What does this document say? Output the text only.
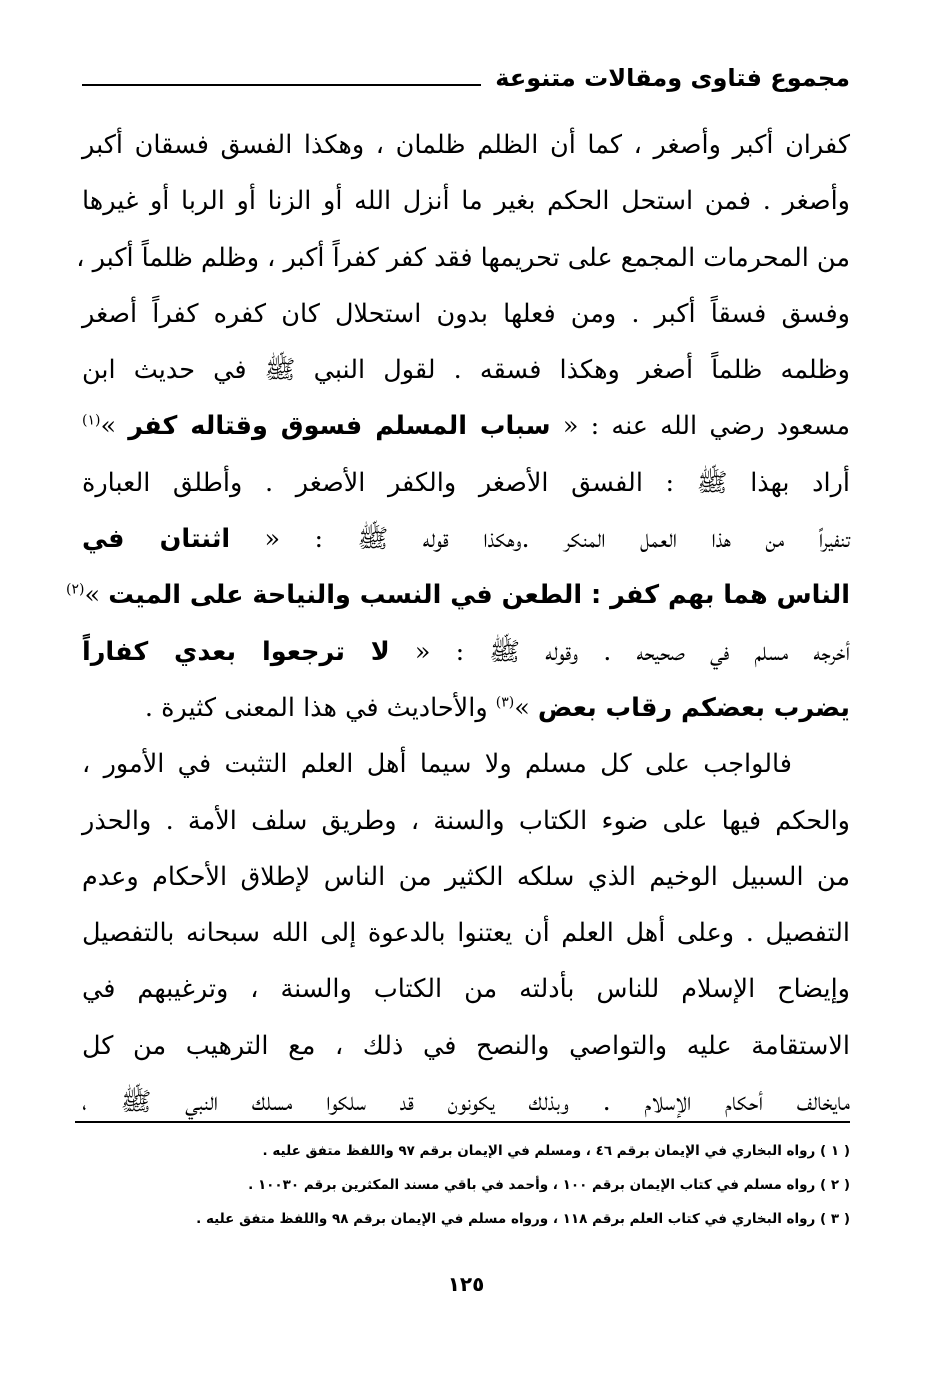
مجموع فتاوى ومقالات متنوعة
كفران أكبر وأصغر ، كما أن الظلم ظلمان ، وهكذا الفسق فسقان أكبر
وأصغر . فمن استحل الحكم بغير ما أنزل الله أو الزنا أو الربا أو غيرها
من المحرمات المجمع على تحريمها فقد كفر كفراً أكبر ، وظلم ظلماً أكبر ،
وفسق فسقاً أكبر . ومن فعلها بدون استحلال كان كفره كفراً أصغر
وظلمه ظلماً أصغر وهكذا فسقه . لقول النبي ﷺ في حديث ابن
مسعود رضي الله عنه : « سباب المسلم فسوق وقتاله كفر »$^{(١)}$
أراد بهذا ﷺ : الفسق الأصغر والكفر الأصغر . وأطلق العبارة
تنفيراً من هذا العمل المنكر .وهكذا قوله ﷺ : « اثنتان في
الناس هما بهم كفر : الطعن في النسب والنياحة على الميت »$^{(٢)}$
أخرجه مسلم في صحيحه . وقوله ﷺ : « لا ترجعوا بعدي كفاراً
يضرب بعضكم رقاب بعض »$^{(٣)}$ والأحاديث في هذا المعنى كثيرة .
فالواجب على كل مسلم ولا سيما أهل العلم التثبت في الأمور ،
والحكم فيها على ضوء الكتاب والسنة ، وطريق سلف الأمة . والحذر
من السبيل الوخيم الذي سلكه الكثير من الناس لإطلاق الأحكام وعدم
التفصيل . وعلى أهل العلم أن يعتنوا بالدعوة إلى الله سبحانه بالتفصيل
وإيضاح الإسلام للناس بأدلته من الكتاب والسنة ، وترغيبهم في
الاستقامة عليه والتواصي والنصح في ذلك ، مع الترهيب من كل
مايخالف أحكام الإسلام . وبذلك يكونون قد سلكوا مسلك النبي ﷺ ،
( ١ ) رواه البخاري في الإيمان برقم ٤٦ ، ومسلم في الإيمان برقم ٩٧ واللفظ متفق عليه .
( ٢ ) رواه مسلم في كتاب الإيمان برقم ١٠٠ ، وأحمد في باقي مسند المكثرين برقم ١٠٠٣٠ .
( ٣ ) رواه البخاري في كتاب العلم برقم ١١٨ ، ورواه مسلم في الإيمان برقم ٩٨ واللفظ متفق عليه .
١٢٥
